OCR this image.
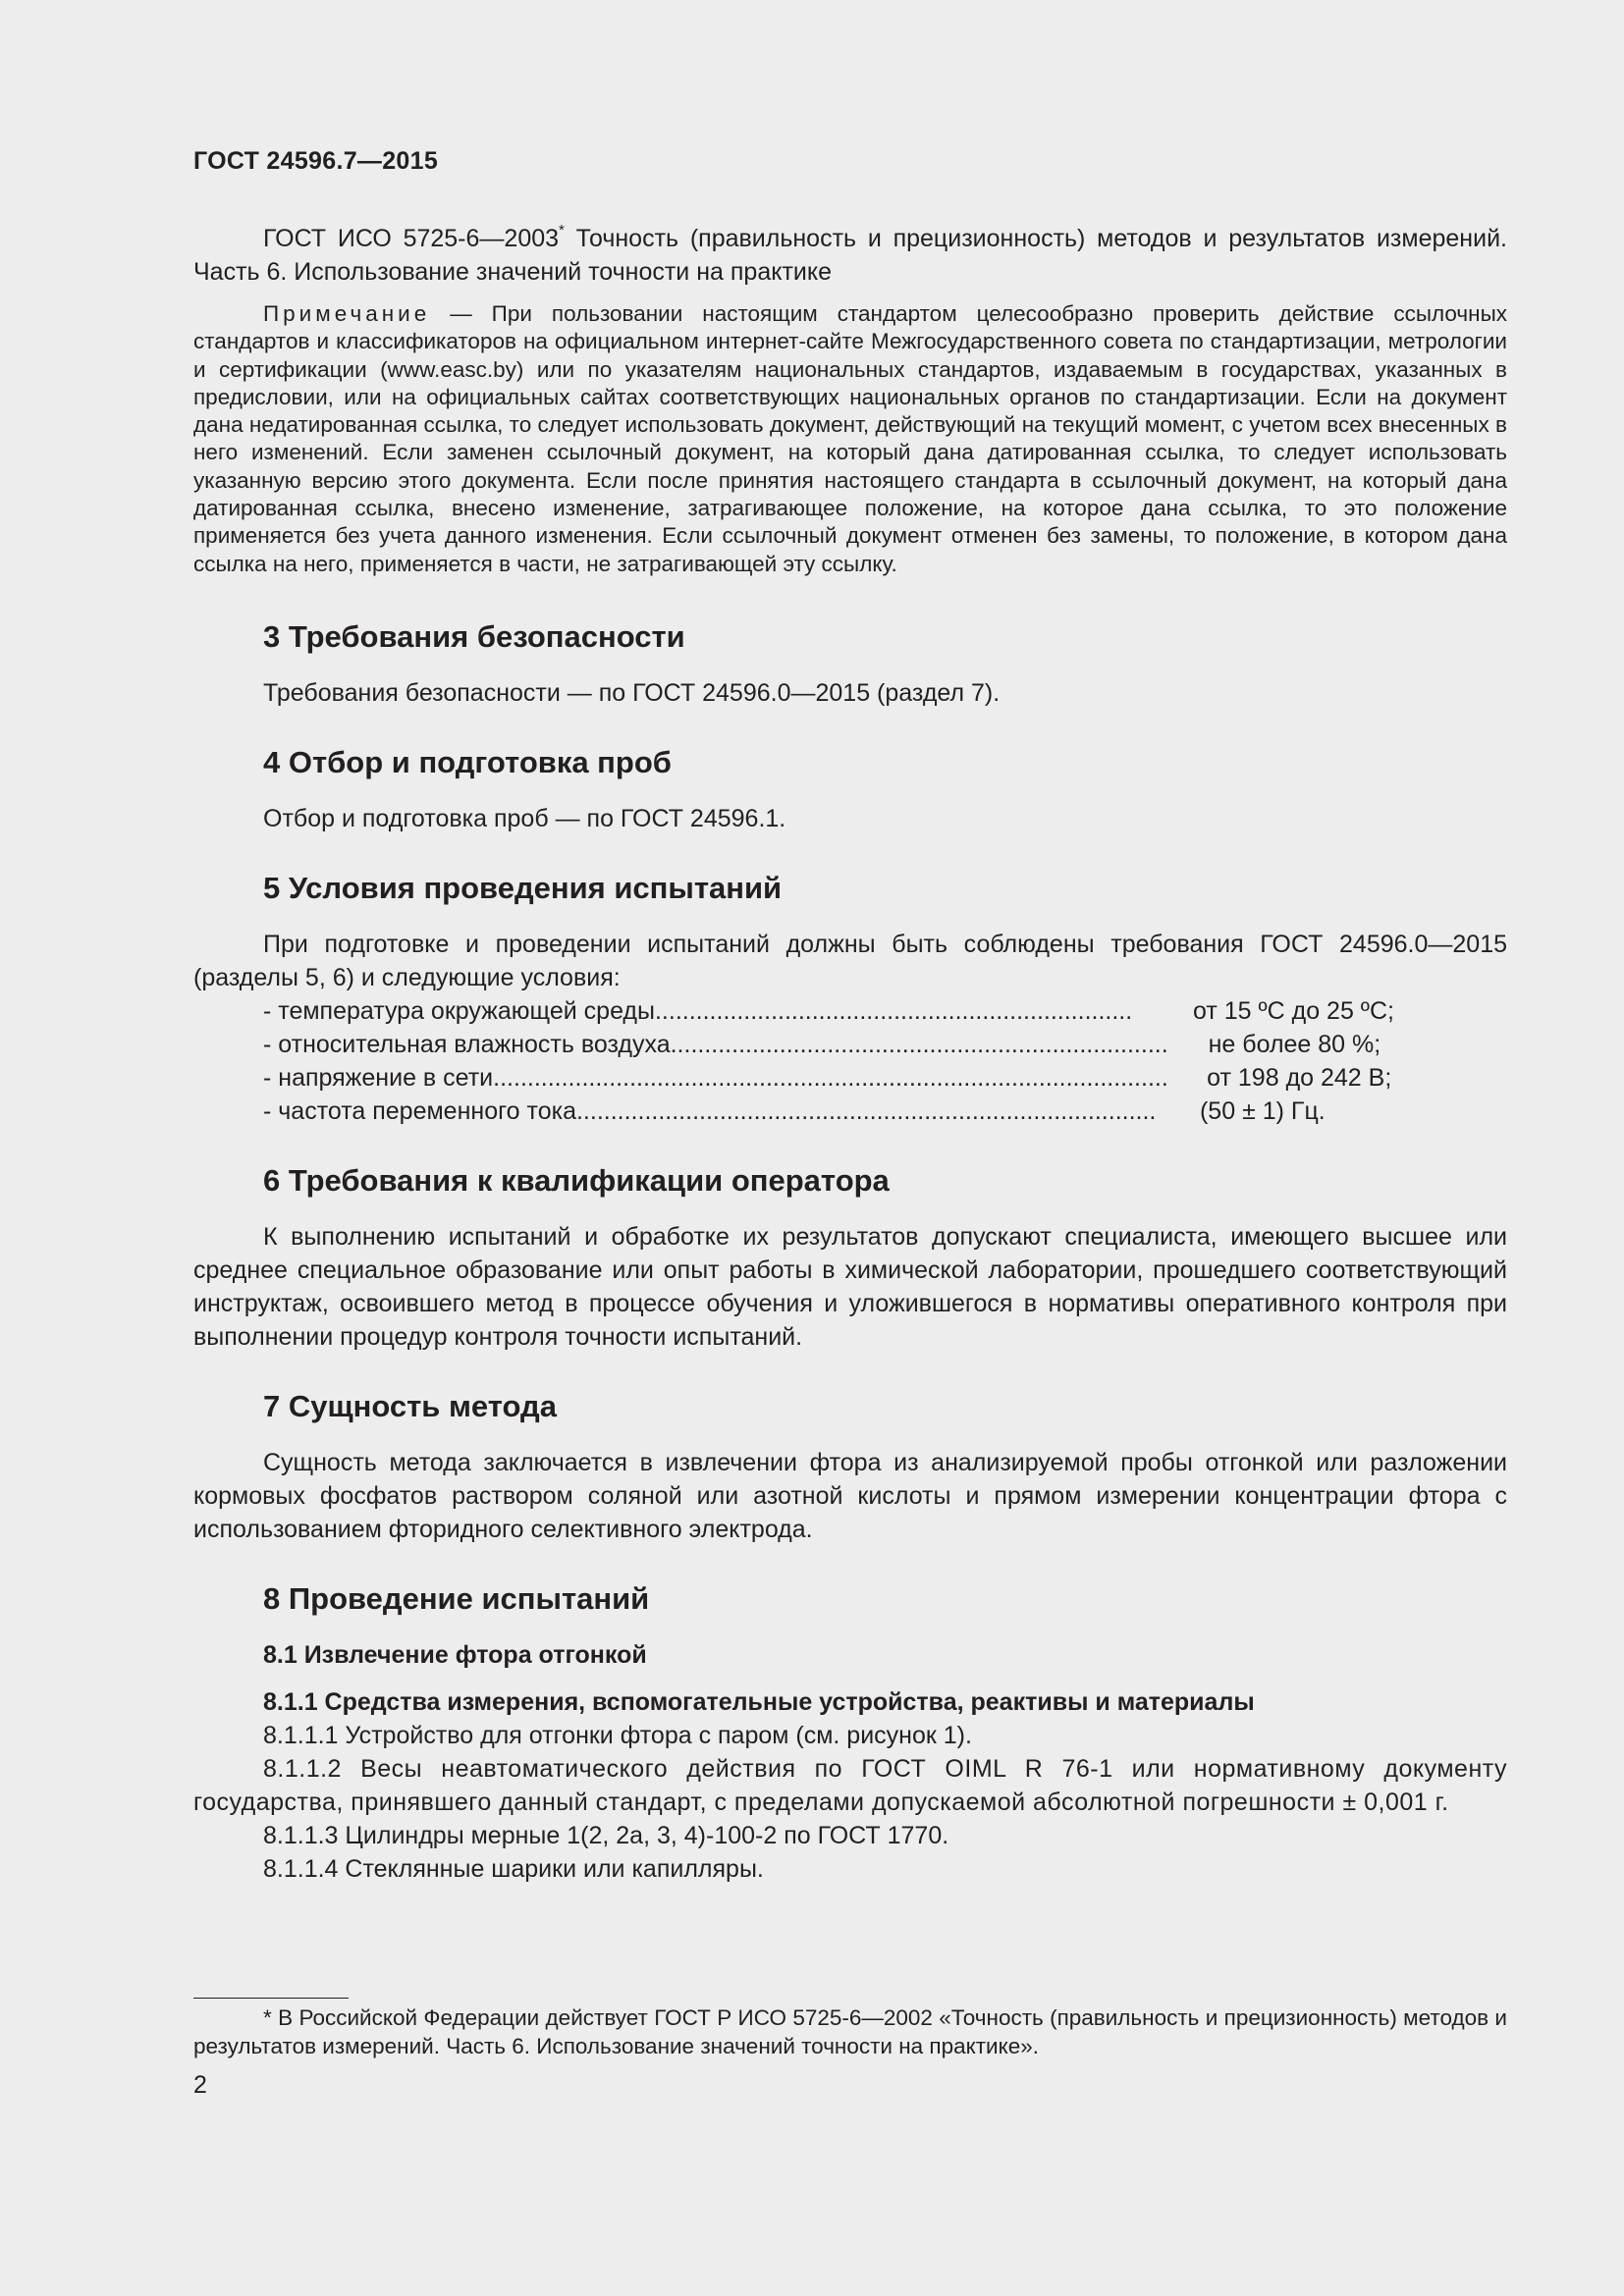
ГОСТ 24596.7—2015

ГОСТ ИСО 5725-6—2003* Точность (правильность и прецизионность) методов и результатов измерений. Часть 6. Использование значений точности на практике

Примечание — При пользовании настоящим стандартом целесообразно проверить действие ссылочных стандартов и классификаторов на официальном интернет-сайте Межгосударственного совета по стандартизации, метрологии и сертификации (www.easc.by) или по указателям национальных стандартов, издаваемым в государствах, указанных в предисловии, или на официальных сайтах соответствующих национальных органов по стандартизации. Если на документ дана недатированная ссылка, то следует использовать документ, действующий на текущий момент, с учетом всех внесенных в него изменений. Если заменен ссылочный документ, на который дана датированная ссылка, то следует использовать указанную версию этого документа. Если после принятия настоящего стандарта в ссылочный документ, на который дана датированная ссылка, внесено изменение, затрагивающее положение, на которое дана ссылка, то это положение применяется без учета данного изменения. Если ссылочный документ отменен без замены, то положение, в котором дана ссылка на него, применяется в части, не затрагивающей эту ссылку.

3 Требования безопасности

Требования безопасности — по ГОСТ 24596.0—2015 (раздел 7).

4 Отбор и подготовка проб

Отбор и подготовка проб — по ГОСТ 24596.1.

5 Условия проведения испытаний

При подготовке и проведении испытаний должны быть соблюдены требования ГОСТ 24596.0—2015 (разделы 5, 6) и следующие условия:

- температура окружающей среды ......................................................................	от 15 ºС до 25 ºС;
- относительная влажность воздуха .........................................................................	не более 80 %;
- напряжение в сети ...................................................................................................	от 198 до 242 В;
- частота переменного тока .....................................................................................	(50 ± 1) Гц.
6 Требования к квалификации оператора

К выполнению испытаний и обработке их результатов допускают специалиста, имеющего высшее или среднее специальное образование или опыт работы в химической лаборатории, прошедшего соответствующий инструктаж, освоившего метод в процессе обучения и уложившегося в нормативы оперативного контроля при выполнении процедур контроля точности испытаний.

7 Сущность метода

Сущность метода заключается в извлечении фтора из анализируемой пробы отгонкой или разложении кормовых фосфатов раствором соляной или азотной кислоты и прямом измерении концентрации фтора с использованием фторидного селективного электрода.

8 Проведение испытаний
8.1 Извлечение фтора отгонкой
8.1.1 Средства измерения, вспомогательные устройства, реактивы и материалы

8.1.1.1 Устройство для отгонки фтора с паром (см. рисунок 1).

8.1.1.2 Весы неавтоматического действия по ГОСТ OIML R 76-1 или нормативному документу государства, принявшего данный стандарт, с пределами допускаемой абсолютной погрешности ± 0,001 г.

8.1.1.3 Цилиндры мерные 1(2, 2а, 3, 4)-100-2 по ГОСТ 1770.

8.1.1.4 Стеклянные шарики или капилляры.

* В Российской Федерации действует ГОСТ Р ИСО 5725-6—2002 «Точность (правильность и прецизионность) методов и результатов измерений. Часть 6. Использование значений точности на практике».

2
